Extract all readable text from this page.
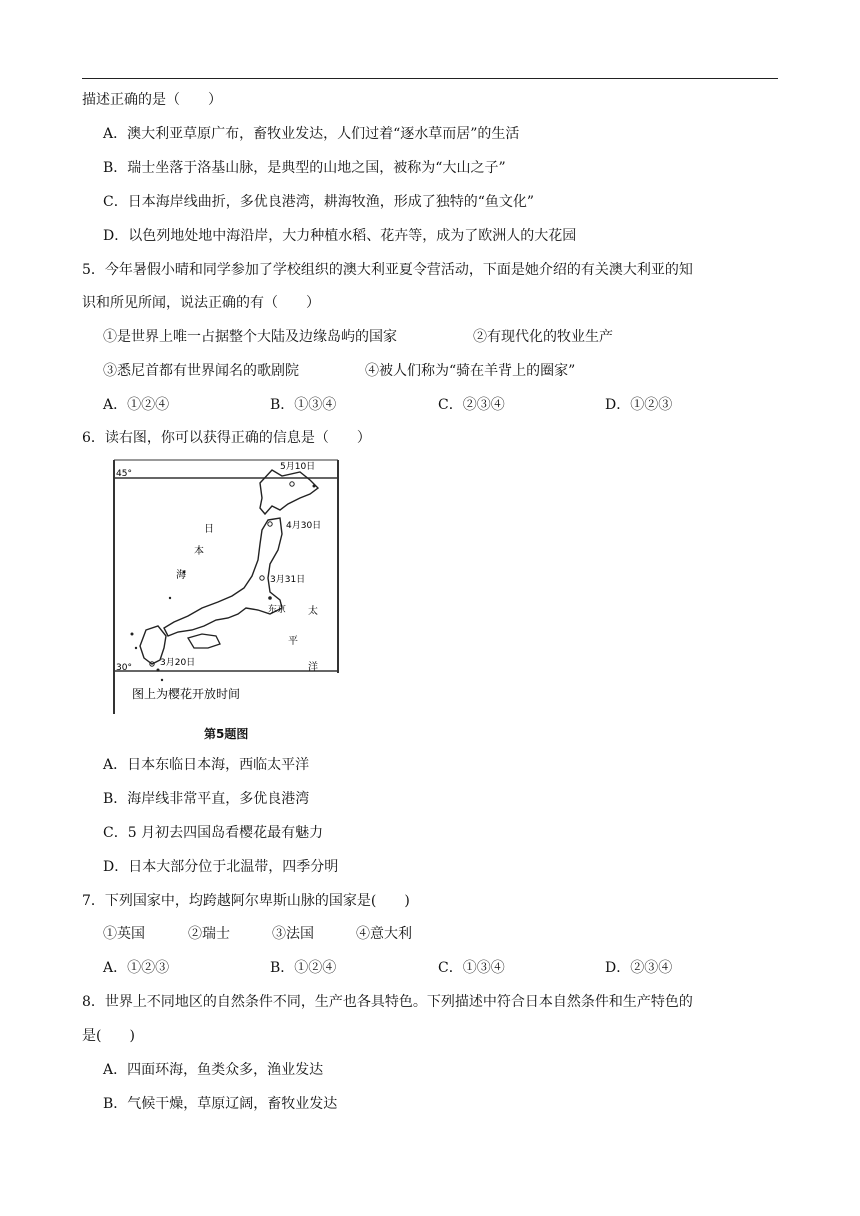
描述正确的是（　　）
A．澳大利亚草原广布，畜牧业发达，人们过着“逐水草而居”的生活
B．瑞士坐落于洛基山脉，是典型的山地之国，被称为“大山之子”
C．日本海岸线曲折，多优良港湾，耕海牧渔，形成了独特的“鱼文化”
D．以色列地处地中海沿岸，大力种植水稻、花卉等，成为了欧洲人的大花园
5．今年暑假小晴和同学参加了学校组织的澳大利亚夏令营活动，下面是她介绍的有关澳大利亚的知
识和所见所闻，说法正确的有（　　）
①是世界上唯一占据整个大陆及边缘岛屿的国家	②有现代化的牧业生产
③悉尼首都有世界闻名的歌剧院	④被人们称为“骑在羊背上的圈家”
A．①②④	B．①③④	C．②③④	D．①②③
6．读右图，你可以获得正确的信息是（　　）
45°
30°
5月10日
4月30日
3月31日
3月20日
东京
日
本
海
太
平
洋
图上为樱花开放时间
第5题图
A．日本东临日本海，西临太平洋
B．海岸线非常平直，多优良港湾
C．5 月初去四国岛看樱花最有魅力
D．日本大部分位于北温带，四季分明
7．下列国家中，均跨越阿尔卑斯山脉的国家是(　　)
①英国	②瑞士	③法国	④意大利
A．①②③	B．①②④	C．①③④	D．②③④
8．世界上不同地区的自然条件不同，生产也各具特色。下列描述中符合日本自然条件和生产特色的
是(　　)
A．四面环海，鱼类众多，渔业发达
B．气候干燥，草原辽阔，畜牧业发达
